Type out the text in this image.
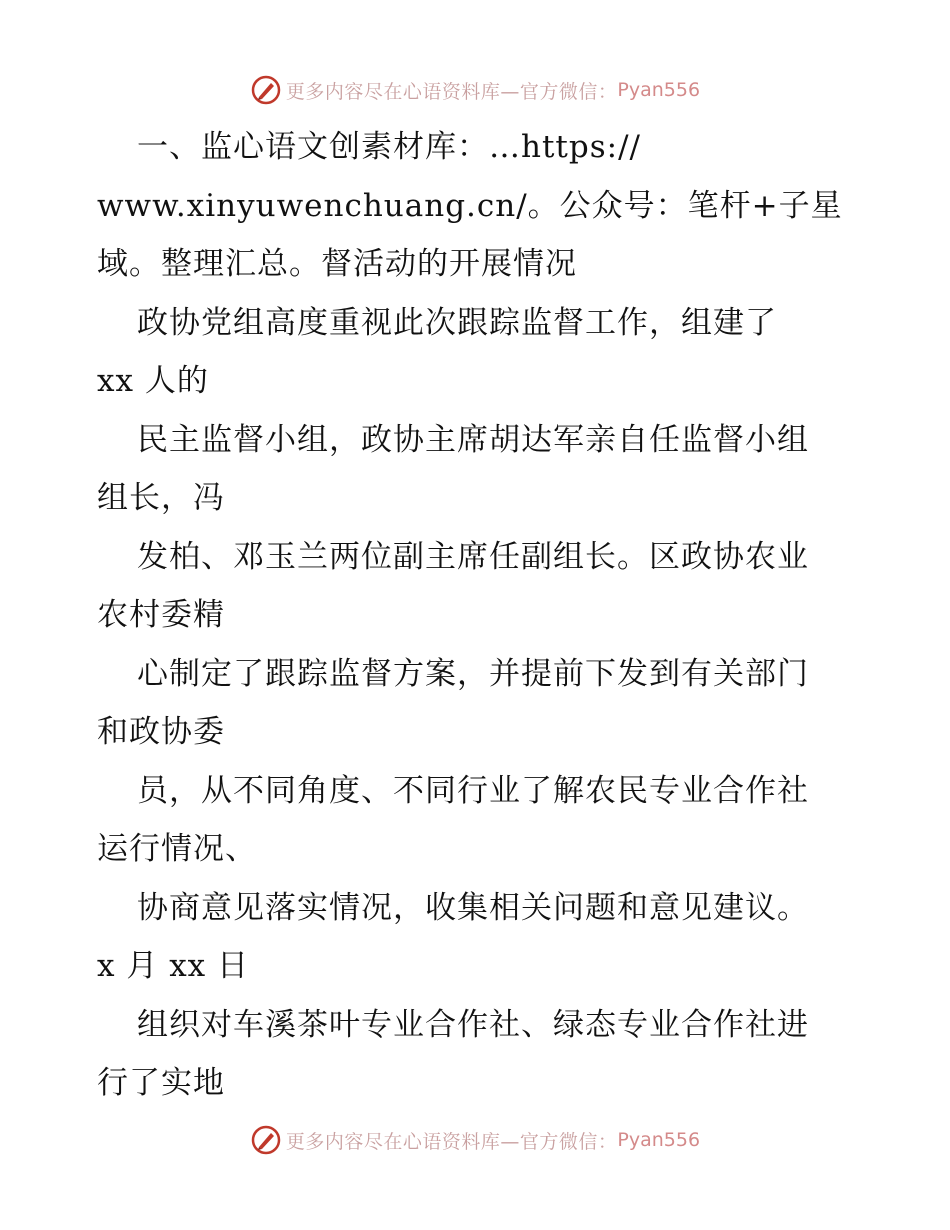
更多内容尽在心语资料库—官方微信： Pyan556
一、监心语文创素材库：…https://
www.xinyuwenchuang.cn/。公众号：笔杆+子星
域。整理汇总。督活动的开展情况
政协党组高度重视此次跟踪监督工作，组建了
xx 人的
民主监督小组，政协主席胡达军亲自任监督小组
组长，冯
发柏、邓玉兰两位副主席任副组长。区政协农业
农村委精
心制定了跟踪监督方案，并提前下发到有关部门
和政协委
员，从不同角度、不同行业了解农民专业合作社
运行情况、
协商意见落实情况，收集相关问题和意见建议。
x 月 xx 日
组织对车溪茶叶专业合作社、绿态专业合作社进
行了实地
更多内容尽在心语资料库—官方微信： Pyan556
